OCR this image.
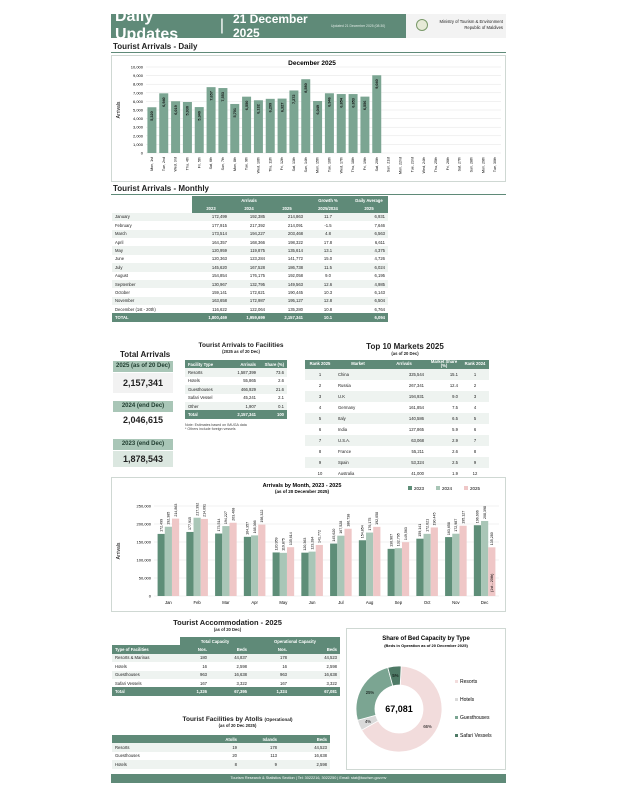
Daily Updates
| 21 December 2025	Updated 21 December 2025 (08:30)
Ministry of Tourism & Environment
Republic of Maldives
Tourist Arrivals - Daily
December 2025
Arrivals
0
1,000
2,000
3,000
4,000
5,000
6,000
7,000
8,000
9,000
10,000
Mon, 1st
5,320
Tue, 2nd
6,940
Wed, 3rd
6,019
Thu, 4th
5,930
Fri, 5th
5,340
Sat, 6th
7,657
Sun, 7th
7,553
Mon, 8th
5,701
Tue, 9th
6,550
Wed, 10th
6,132
Thu, 11th
6,299
Fri, 12th
6,327
Sat, 13th
7,272
Sun, 14th
8,580
Mon, 15th
6,049
Tue, 16th
6,946
Wed, 17th
6,854
Thu, 18th
6,853
Fri, 19th
6,556
Sat, 20th
9,040
Sun, 21st Mon, 22nd Tue, 23rd Wed, 24th Thu, 25th Fri, 26th Sat, 27th Sun, 28th Mon, 29th Tue, 30th
Tourist Arrivals - Monthly
	Arrivals			Growth %	Daily Average
	2023	2024	2025	2025/2024	2025
January	172,499	192,385	214,863	11.7	6,931
February	177,915	217,392	214,091	-1.5	7,646
March	173,514	194,227	203,468	4.8	6,563
April	164,357	168,366	198,322	17.8	6,611
May	120,959	119,875	135,614	13.1	4,375
June	120,363	123,284	141,772	15.0	4,726
July	145,620	167,528	186,738	11.5	6,024
August	154,854	176,175	192,058	9.0	6,195
September	130,967	132,795	149,563	12.6	4,985
October	159,141	172,621	190,445	10.3	6,143
November	163,658	172,987	195,127	12.8	6,504
December (1st - 20th)	116,622	122,064	135,280	10.8	6,764
TOTAL	1,800,469	1,959,699	2,157,341	10.1	6,094
Total Arrivals
2025 (as of 20 Dec)
2,157,341
2024 (end Dec)
2,046,615
2023 (end Dec)
1,878,543
Tourist Arrivals to Facilities
(2025 as of 20 Dec)
Facility Type	Arrivals	Share (%)
Resorts	1,587,399	73.6
Hotels	55,865	2.6
Guesthouses	466,929	21.6
Safari Vessel	45,241	2.1
Other	1,907	0.1
Total	2,157,341	100
Note: Estimates based on IMUGA data
* Others include foreign vessels
Top 10 Markets 2025
(as of 20 Dec)
Rank 2025	Market	Arrivals	Market Share (%)	Rank 2024
1	China	325,544	15.1	1
2	Russia	267,341	12.4	2
3	U.K	194,931	9.0	3
4	Germany	161,854	7.5	4
5	Italy	140,586	6.5	5
6	India	127,865	5.9	6
7	U.S.A.	63,068	2.9	7
8	France	55,211	2.6	8
9	Spain	53,324	2.5	9
10	Australia	41,000	1.9	12
Arrivals by Month, 2023 - 2025
(as of 20 December 2025)
2023	2024	2025
Arrivals
0
50,000
100,000
150,000
200,000
250,000
Jan
172,499
192,385
214,863
Feb
177,915
217,392 214,091
Mar
173,514
194,227 203,468
Apr
164,357 168,366
198,322
May
120,959 119,875 135,614
Jun
120,363 123,284
141,772
Jul
145,620
167,528
186,738
Aug
154,854
176,175 192,058
Sep
130,967 132,795 149,563
Oct
159,141 172,621 190,445
Nov
163,658 172,987
195,127
Dec
196,606 208,398
135,280
(1st - 20th)
Tourist Accommodation - 2025
(as of 20 Dec)
	Total Capacity		Operational Capacity	
Type of Facilities	Nos.	Beds	Nos.	Beds
Resorts & Marinas	180	44,837	178	44,523
Hotels	16	2,598	16	2,598
Guesthouses	963	16,638	963	16,638
Safari Vessels	167	3,322	167	3,322
Total	1,326	67,395	1,324	67,081
Tourist Facilities by Atolls (Operational)
(as of 20 Dec 2025)
	Atolls	Islands	Beds
Resorts	19	178	44,523
Guesthouses	20	113	16,638
Hotels	8	9	2,598
Share of Bed Capacity by Type
(Beds in Operation as of 20 December 2025)
66%
4%
25%
5%
67,081
Resorts
Hotels
Guesthouses
Safari Vessels
Tourism Research & Statistics Section | Tel: 3022216, 3022250 | Email: stat@tourism.gov.mv
